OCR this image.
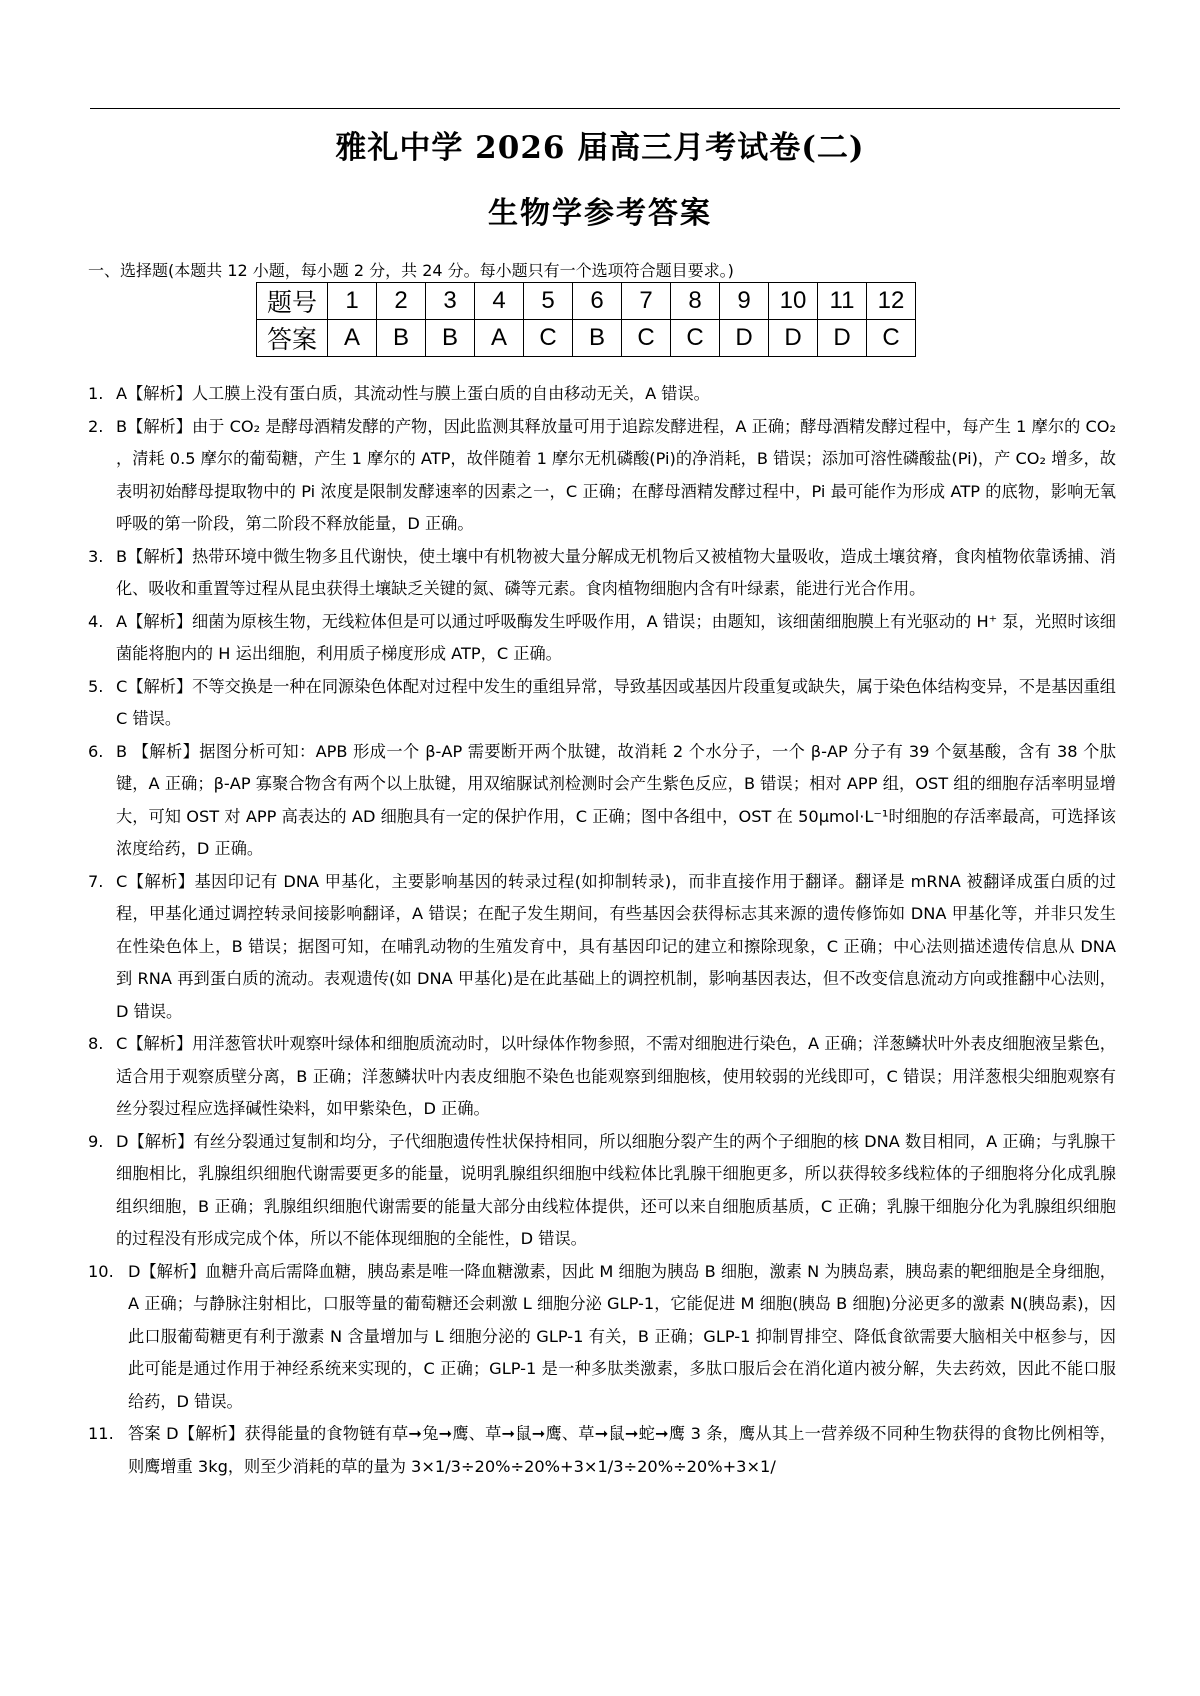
雅礼中学 2026 届高三月考试卷(二)
生物学参考答案
一、选择题(本题共 12 小题，每小题 2 分，共 24 分。每小题只有一个选项符合题目要求。)
题号	1	2	3	4	5	6	7	8	9	10	11	12
答案	A	B	B	A	C	B	C	C	D	D	D	C
1. A【解析】人工膜上没有蛋白质，其流动性与膜上蛋白质的自由移动无关，A 错误。
2. B【解析】由于 CO₂ 是酵母酒精发酵的产物，因此监测其释放量可用于追踪发酵进程，A 正确；酵母酒精发酵过程中，每产生 1 摩尔的 CO₂ ，清耗 0.5 摩尔的葡萄糖，产生 1 摩尔的 ATP，故伴随着 1 摩尔无机磷酸(Pi)的净消耗，B 错误；添加可溶性磷酸盐(Pi)，产 CO₂ 增多，故表明初始酵母提取物中的 Pi 浓度是限制发酵速率的因素之一，C 正确；在酵母酒精发酵过程中，Pi 最可能作为形成 ATP 的底物，影响无氧呼吸的第一阶段，第二阶段不释放能量，D 正确。
3. B【解析】热带环境中微生物多且代谢快，使土壤中有机物被大量分解成无机物后又被植物大量吸收，造成土壤贫瘠，食肉植物依靠诱捕、消化、吸收和重置等过程从昆虫获得土壤缺乏关键的氮、磷等元素。食肉植物细胞内含有叶绿素，能进行光合作用。
4. A【解析】细菌为原核生物，无线粒体但是可以通过呼吸酶发生呼吸作用，A 错误；由题知，该细菌细胞膜上有光驱动的 H⁺ 泵，光照时该细菌能将胞内的 H 运出细胞，利用质子梯度形成 ATP，C 正确。
5. C【解析】不等交换是一种在同源染色体配对过程中发生的重组异常，导致基因或基因片段重复或缺失，属于染色体结构变异，不是基因重组 C 错误。
6. B 【解析】据图分析可知：APB 形成一个 β-AP 需要断开两个肽键，故消耗 2 个水分子，一个 β-AP 分子有 39 个氨基酸，含有 38 个肽键，A 正确；β-AP 寡聚合物含有两个以上肽键，用双缩脲试剂检测时会产生紫色反应，B 错误；相对 APP 组，OST 组的细胞存活率明显增大，可知 OST 对 APP 高表达的 AD 细胞具有一定的保护作用，C 正确；图中各组中，OST 在 50μmol·L⁻¹时细胞的存活率最高，可选择该浓度给药，D 正确。
7. C【解析】基因印记有 DNA 甲基化，主要影响基因的转录过程(如抑制转录)，而非直接作用于翻译。翻译是 mRNA 被翻译成蛋白质的过程，甲基化通过调控转录间接影响翻译，A 错误；在配子发生期间，有些基因会获得标志其来源的遗传修饰如 DNA 甲基化等，并非只发生在性染色体上，B 错误；据图可知，在哺乳动物的生殖发育中，具有基因印记的建立和擦除现象，C 正确；中心法则描述遗传信息从 DNA 到 RNA 再到蛋白质的流动。表观遗传(如 DNA 甲基化)是在此基础上的调控机制，影响基因表达，但不改变信息流动方向或推翻中心法则，D 错误。
8. C【解析】用洋葱管状叶观察叶绿体和细胞质流动时，以叶绿体作物参照，不需对细胞进行染色，A 正确；洋葱鳞状叶外表皮细胞液呈紫色，适合用于观察质壁分离，B 正确；洋葱鳞状叶内表皮细胞不染色也能观察到细胞核，使用较弱的光线即可，C 错误；用洋葱根尖细胞观察有丝分裂过程应选择碱性染料，如甲紫染色，D 正确。
9. D【解析】有丝分裂通过复制和均分，子代细胞遗传性状保持相同，所以细胞分裂产生的两个子细胞的核 DNA 数目相同，A 正确；与乳腺干细胞相比，乳腺组织细胞代谢需要更多的能量，说明乳腺组织细胞中线粒体比乳腺干细胞更多，所以获得较多线粒体的子细胞将分化成乳腺组织细胞，B 正确；乳腺组织细胞代谢需要的能量大部分由线粒体提供，还可以来自细胞质基质，C 正确；乳腺干细胞分化为乳腺组织细胞的过程没有形成完成个体，所以不能体现细胞的全能性，D 错误。
10. D【解析】血糖升高后需降血糖，胰岛素是唯一降血糖激素，因此 M 细胞为胰岛 B 细胞，激素 N 为胰岛素，胰岛素的靶细胞是全身细胞，A 正确；与静脉注射相比，口服等量的葡萄糖还会刺激 L 细胞分泌 GLP-1，它能促进 M 细胞(胰岛 B 细胞)分泌更多的激素 N(胰岛素)，因此口服葡萄糖更有利于激素 N 含量增加与 L 细胞分泌的 GLP-1 有关，B 正确；GLP-1 抑制胃排空、降低食欲需要大脑相关中枢参与，因此可能是通过作用于神经系统来实现的，C 正确；GLP-1 是一种多肽类激素，多肽口服后会在消化道内被分解，失去药效，因此不能口服给药，D 错误。
11. 答案 D【解析】获得能量的食物链有草➞兔➞鹰、草➞鼠➞鹰、草➞鼠➞蛇➞鹰 3 条，鹰从其上一营养级不同种生物获得的食物比例相等，则鹰增重 3kg，则至少消耗的草的量为 3×1/3÷20%÷20%+3×1/3÷20%÷20%+3×1/
